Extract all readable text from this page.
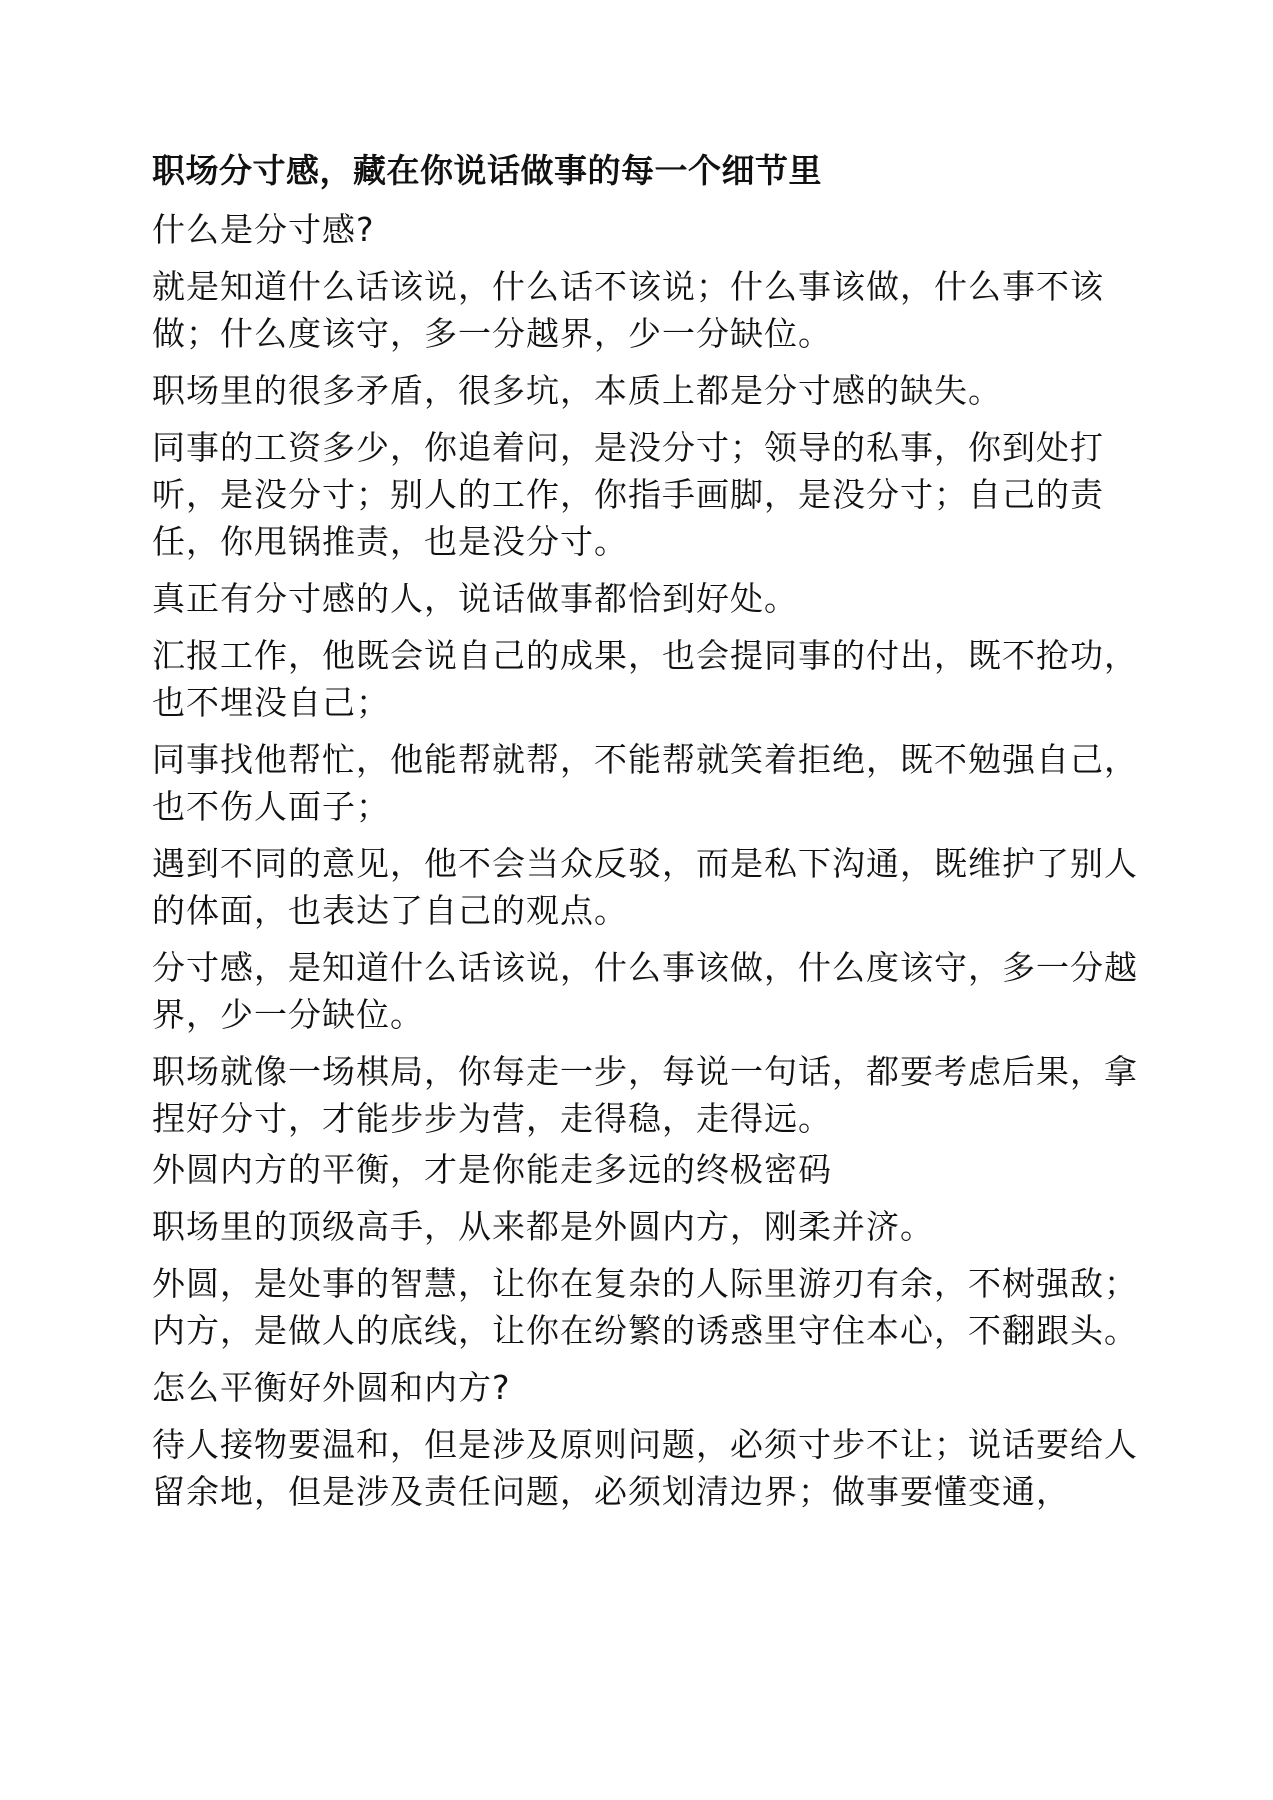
职场分寸感，藏在你说话做事的每一个细节里
什么是分寸感?
就是知道什么话该说，什么话不该说；什么事该做，什么事不该做；什么度该守，多一分越界，少一分缺位。
职场里的很多矛盾，很多坑，本质上都是分寸感的缺失。
同事的工资多少，你追着问，是没分寸；领导的私事，你到处打听，是没分寸；别人的工作，你指手画脚，是没分寸；自己的责任，你甩锅推责，也是没分寸。
真正有分寸感的人，说话做事都恰到好处。
汇报工作，他既会说自己的成果，也会提同事的付出，既不抢功，也不埋没自己；
同事找他帮忙，他能帮就帮，不能帮就笑着拒绝，既不勉强自己，也不伤人面子；
遇到不同的意见，他不会当众反驳，而是私下沟通，既维护了别人的体面，也表达了自己的观点。
分寸感，是知道什么话该说，什么事该做，什么度该守，多一分越界，少一分缺位。
职场就像一场棋局，你每走一步，每说一句话，都要考虑后果，拿捏好分寸，才能步步为营，走得稳，走得远。
外圆内方的平衡，才是你能走多远的终极密码
职场里的顶级高手，从来都是外圆内方，刚柔并济。
外圆，是处事的智慧，让你在复杂的人际里游刃有余，不树强敌；内方，是做人的底线，让你在纷繁的诱惑里守住本心，不翻跟头。
怎么平衡好外圆和内方?
待人接物要温和，但是涉及原则问题，必须寸步不让；说话要给人留余地，但是涉及责任问题，必须划清边界；做事要懂变通，
